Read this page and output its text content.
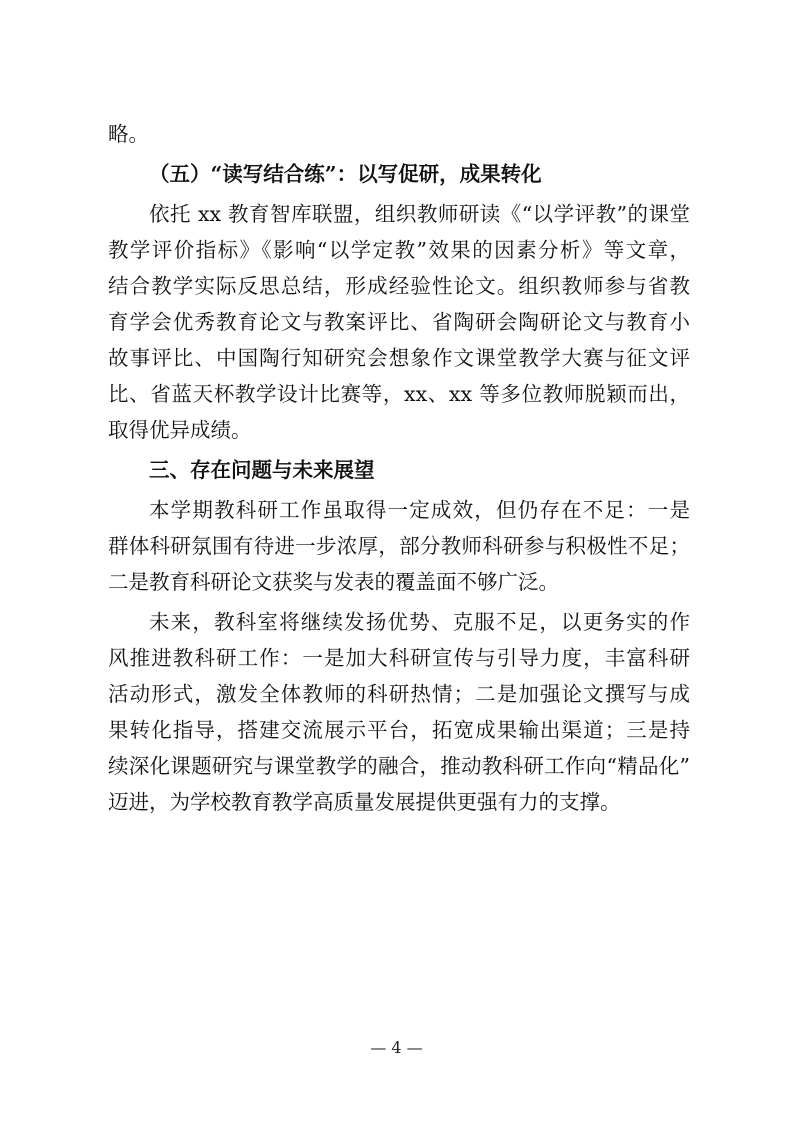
略。
（五）“读写结合练”：以写促研，成果转化
依托 xx 教育智库联盟，组织教师研读《“以学评教”的课堂
教学评价指标》《影响“以学定教”效果的因素分析》等文章，
结合教学实际反思总结，形成经验性论文。组织教师参与省教
育学会优秀教育论文与教案评比、省陶研会陶研论文与教育小
故事评比、中国陶行知研究会想象作文课堂教学大赛与征文评
比、省蓝天杯教学设计比赛等，xx、xx 等多位教师脱颖而出，
取得优异成绩。
三、存在问题与未来展望
本学期教科研工作虽取得一定成效，但仍存在不足：一是
群体科研氛围有待进一步浓厚，部分教师科研参与积极性不足；
二是教育科研论文获奖与发表的覆盖面不够广泛。
未来，教科室将继续发扬优势、克服不足，以更务实的作
风推进教科研工作：一是加大科研宣传与引导力度，丰富科研
活动形式，激发全体教师的科研热情；二是加强论文撰写与成
果转化指导，搭建交流展示平台，拓宽成果输出渠道；三是持
续深化课题研究与课堂教学的融合，推动教科研工作向“精品化”
迈进，为学校教育教学高质量发展提供更强有力的支撑。
— 4 —
